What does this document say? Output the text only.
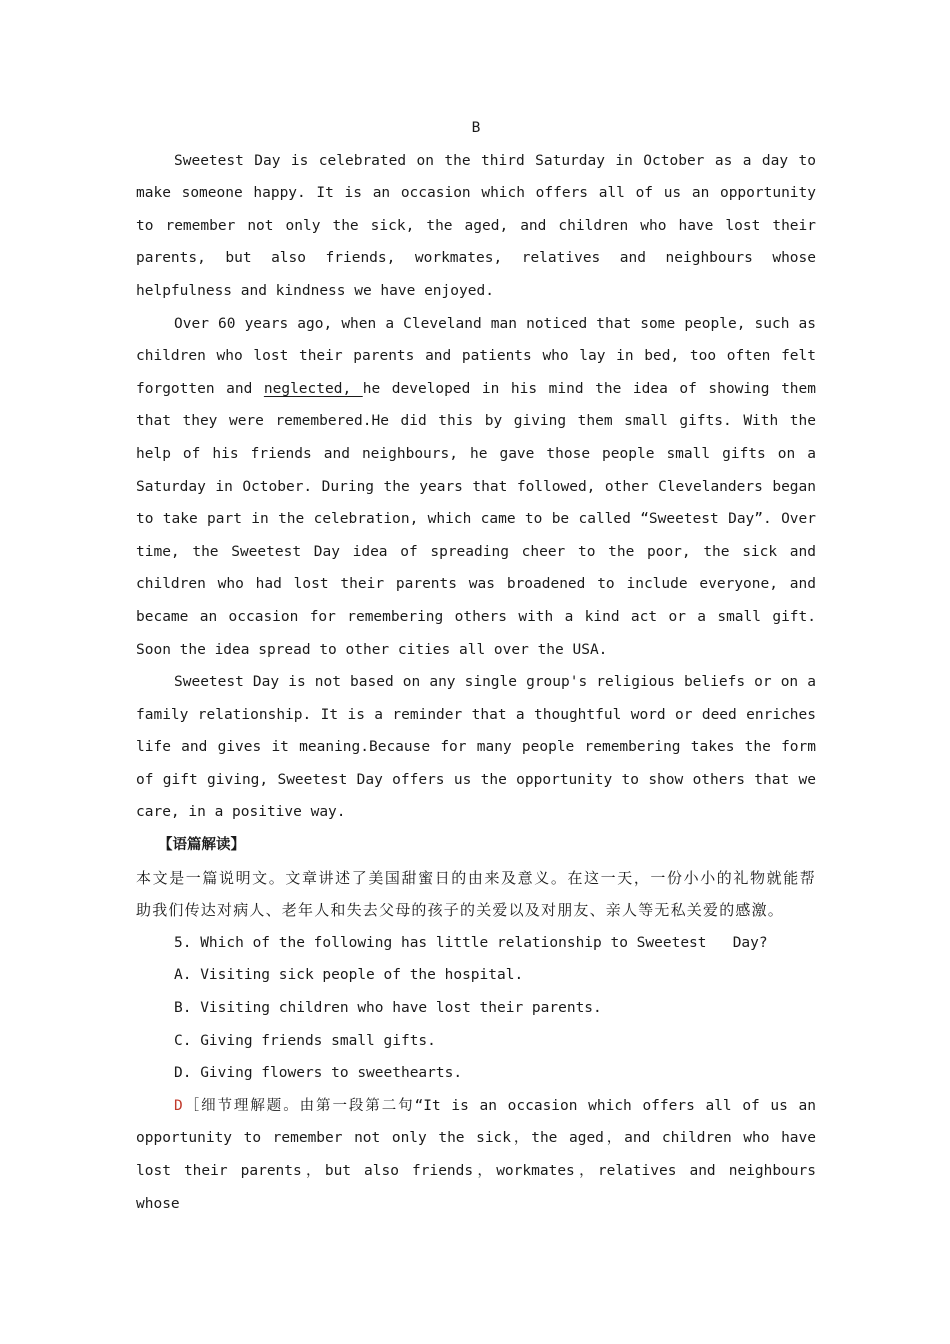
B
Sweetest Day is celebrated on the third Saturday in October as a day to make someone happy. It is an occasion which offers all of us an opportunity to remember not only the sick, the aged, and children who have lost their parents, but also friends, workmates, relatives and neighbours whose helpfulness and kindness we have enjoyed.
Over 60 years ago, when a Cleveland man noticed that some people, such as children who lost their parents and patients who lay in bed, too often felt forgotten and neglected, he developed in his mind the idea of showing them that they were remembered.He did this by giving them small gifts. With the help of his friends and neighbours, he gave those people small gifts on a Saturday in October. During the years that followed, other Clevelanders began to take part in the celebration, which came to be called “Sweetest Day”. Over time, the Sweetest Day idea of spreading cheer to the poor, the sick and children who had lost their parents was broadened to include everyone, and became an occasion for remembering others with a kind act or a small gift. Soon the idea spread to other cities all over the USA.
Sweetest Day is not based on any single group's religious beliefs or on a family relationship. It is a reminder that a thoughtful word or deed enriches life and gives it meaning.Because for many people remembering takes the form of gift giving, Sweetest Day offers us the opportunity to show others that we care, in a positive way.
【语篇解读】
本文是一篇说明文。文章讲述了美国甜蜜日的由来及意义。在这一天，一份小小的礼物就能帮助我们传达对病人、老年人和失去父母的孩子的关爱以及对朋友、亲人等无私关爱的感激。
5. Which of the following has little relationship to Sweetest   Day?
A. Visiting sick people of the hospital.
B. Visiting children who have lost their parents.
C. Giving friends small gifts.
D. Giving flowers to sweethearts.
D［细节理解题。由第一段第二句“It is an occasion which offers all of us an opportunity to remember not only the sick，the aged，and children who have lost their parents，but also friends，workmates，relatives and neighbours whose
